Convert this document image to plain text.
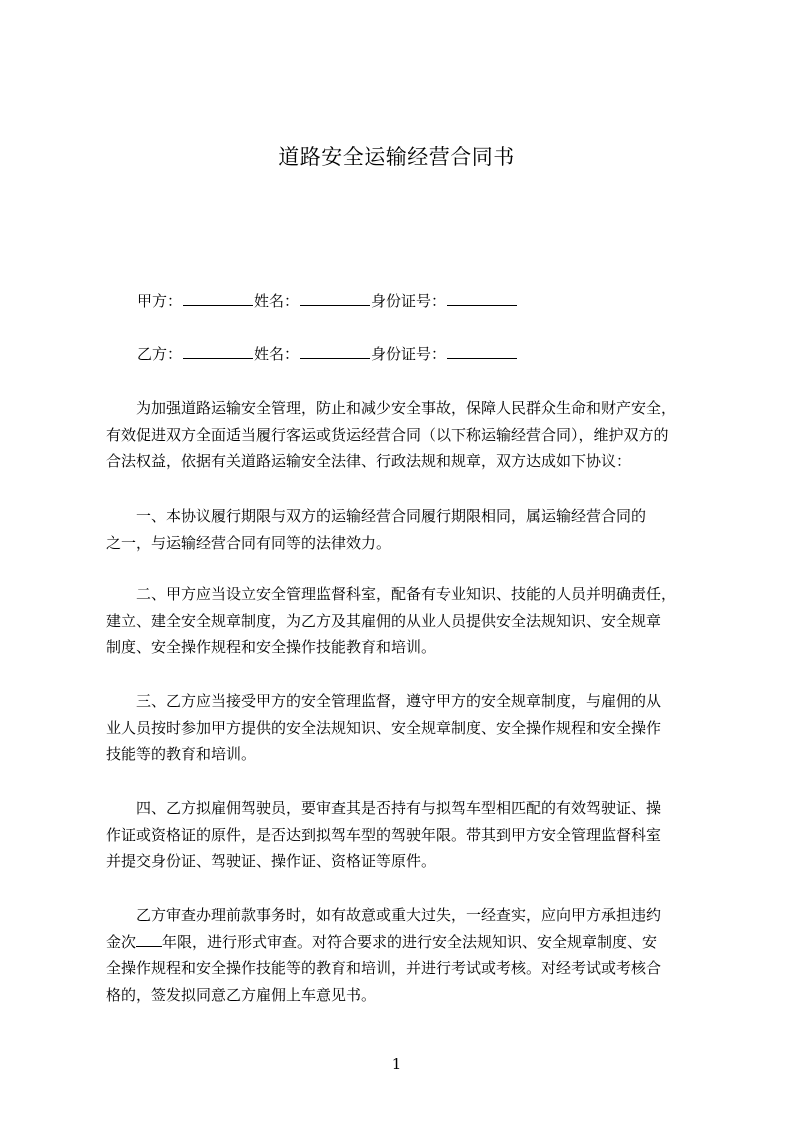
道路安全运输经营合同书
甲方：	姓名：	身份证号：
乙方：	姓名：	身份证号：
为加强道路运输安全管理，防止和减少安全事故，保障人民群众生命和财产安全，
有效促进双方全面适当履行客运或货运经营合同（以下称运输经营合同），维护双方的
合法权益，依据有关道路运输安全法律、行政法规和规章，双方达成如下协议：
一、本协议履行期限与双方的运输经营合同履行期限相同，属运输经营合同的
之一，与运输经营合同有同等的法律效力。
二、甲方应当设立安全管理监督科室，配备有专业知识、技能的人员并明确责任，
建立、建全安全规章制度，为乙方及其雇佣的从业人员提供安全法规知识、安全规章
制度、安全操作规程和安全操作技能教育和培训。
三、乙方应当接受甲方的安全管理监督，遵守甲方的安全规章制度，与雇佣的从
业人员按时参加甲方提供的安全法规知识、安全规章制度、安全操作规程和安全操作
技能等的教育和培训。
四、乙方拟雇佣驾驶员，要审查其是否持有与拟驾车型相匹配的有效驾驶证、操
作证或资格证的原件，是否达到拟驾车型的驾驶年限。带其到甲方安全管理监督科室
并提交身份证、驾驶证、操作证、资格证等原件。
乙方审查办理前款事务时，如有故意或重大过失，一经查实，应向甲方承担违约
金次 年限，进行形式审查。对符合要求的进行安全法规知识、安全规章制度、安
全操作规程和安全操作技能等的教育和培训，并进行考试或考核。对经考试或考核合
格的，签发拟同意乙方雇佣上车意见书。
1
